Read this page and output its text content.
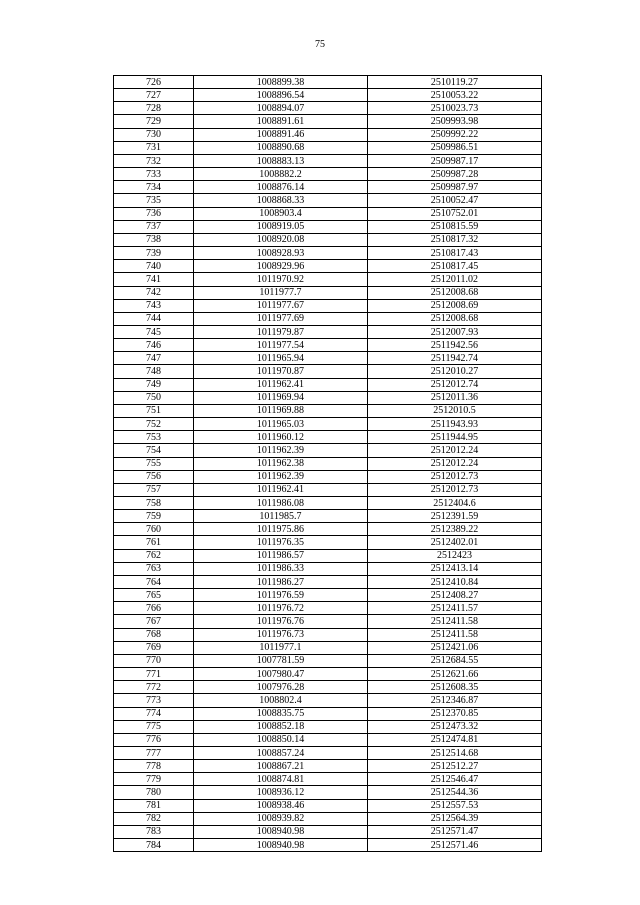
75
726	1008899.38	2510119.27
727	1008896.54	2510053.22
728	1008894.07	2510023.73
729	1008891.61	2509993.98
730	1008891.46	2509992.22
731	1008890.68	2509986.51
732	1008883.13	2509987.17
733	1008882.2	2509987.28
734	1008876.14	2509987.97
735	1008868.33	2510052.47
736	1008903.4	2510752.01
737	1008919.05	2510815.59
738	1008920.08	2510817.32
739	1008928.93	2510817.43
740	1008929.96	2510817.45
741	1011970.92	2512011.02
742	1011977.7	2512008.68
743	1011977.67	2512008.69
744	1011977.69	2512008.68
745	1011979.87	2512007.93
746	1011977.54	2511942.56
747	1011965.94	2511942.74
748	1011970.87	2512010.27
749	1011962.41	2512012.74
750	1011969.94	2512011.36
751	1011969.88	2512010.5
752	1011965.03	2511943.93
753	1011960.12	2511944.95
754	1011962.39	2512012.24
755	1011962.38	2512012.24
756	1011962.39	2512012.73
757	1011962.41	2512012.73
758	1011986.08	2512404.6
759	1011985.7	2512391.59
760	1011975.86	2512389.22
761	1011976.35	2512402.01
762	1011986.57	2512423
763	1011986.33	2512413.14
764	1011986.27	2512410.84
765	1011976.59	2512408.27
766	1011976.72	2512411.57
767	1011976.76	2512411.58
768	1011976.73	2512411.58
769	1011977.1	2512421.06
770	1007781.59	2512684.55
771	1007980.47	2512621.66
772	1007976.28	2512608.35
773	1008802.4	2512346.87
774	1008835.75	2512370.85
775	1008852.18	2512473.32
776	1008850.14	2512474.81
777	1008857.24	2512514.68
778	1008867.21	2512512.27
779	1008874.81	2512546.47
780	1008936.12	2512544.36
781	1008938.46	2512557.53
782	1008939.82	2512564.39
783	1008940.98	2512571.47
784	1008940.98	2512571.46
